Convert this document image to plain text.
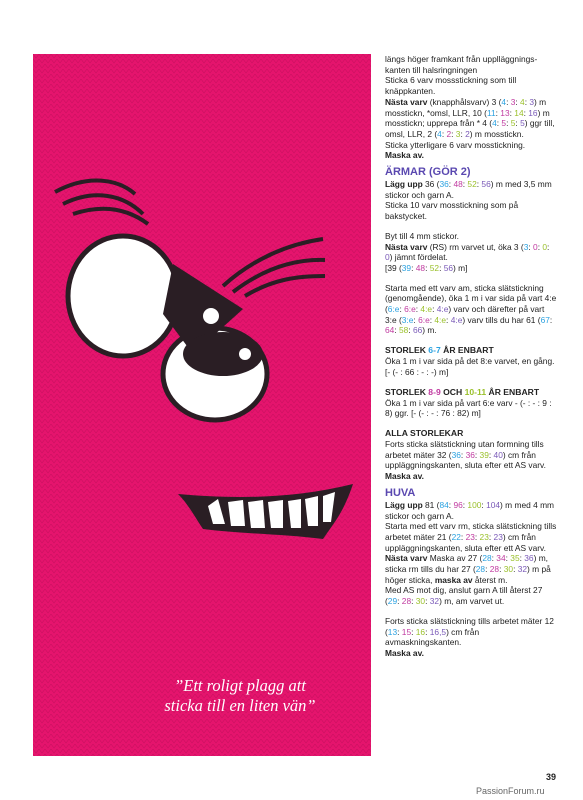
”Ett roligt plagg att
sticka till en liten vän”

längs höger framkant från upplläggnings-kanten till halsringningen

Sticka 6 varv mossstickning som till knäppkanten.

Nästa varv (knapphålsvarv) 3 (4: 3: 4: 3) m mosstickn, *omsl, LLR, 10 (11: 13: 14: 16) m mosstickn; upprepa från * 4 (4: 5: 5: 5) ggr till, omsl, LLR, 2 (4: 2: 3: 2) m mosstickn.

Sticka ytterligare 6 varv mosstickning.

Maska av.

ÄRMAR (GÖR 2)

Lägg upp 36 (36: 48: 52: 56) m med 3,5 mm stickor och garn A.

Sticka 10 varv mosstickning som på bakstycket.

Byt till 4 mm stickor.

Nästa varv (RS) rm varvet ut, öka 3 (3: 0: 0: 0) jämnt fördelat.

[39 (39: 48: 52: 56) m]

Starta med ett varv am, sticka slätstickning (genomgående), öka 1 m i var sida på vart 4:e (6:e: 6:e: 4:e: 4:e) varv och därefter på vart 3:e (3:e: 6:e: 4:e: 4:e) varv tills du har 61 (67: 64: 58: 66) m.

STORLEK 6-7 ÅR ENBART

Öka 1 m i var sida på det 8:e varvet, en gång. [- (- : 66 : - : -) m]

STORLEK 8-9 OCH 10-11 ÅR ENBART

Öka 1 m i var sida på vart 6:e varv - (- : - : 9 : 8) ggr. [- (- : - : 76 : 82) m]

ALLA STORLEKAR

Forts sticka slätstickning utan formning tills arbetet mäter 32 (36: 36: 39: 40) cm från uppläggningskanten, sluta efter ett AS varv.

Maska av.

HUVA

Lägg upp 81 (84: 96: 100: 104) m med 4 mm stickor och garn A.

Starta med ett varv rm, sticka slätstickning tills arbetet mäter 21 (22: 23: 23: 23) cm från uppläggningskanten, sluta efter ett AS varv.

Nästa varv Maska av 27 (28: 34: 35: 36) m, sticka rm tills du har 27 (28: 28: 30: 32) m på höger sticka, maska av återst m.

Med AS mot dig, anslut garn A till återst 27 (29: 28: 30: 32) m, am varvet ut.

Forts sticka slätstickning tills arbetet mäter 12 (13: 15: 16: 16,5) cm från avmaskningskanten.

Maska av.

39
PassionForum.ru
